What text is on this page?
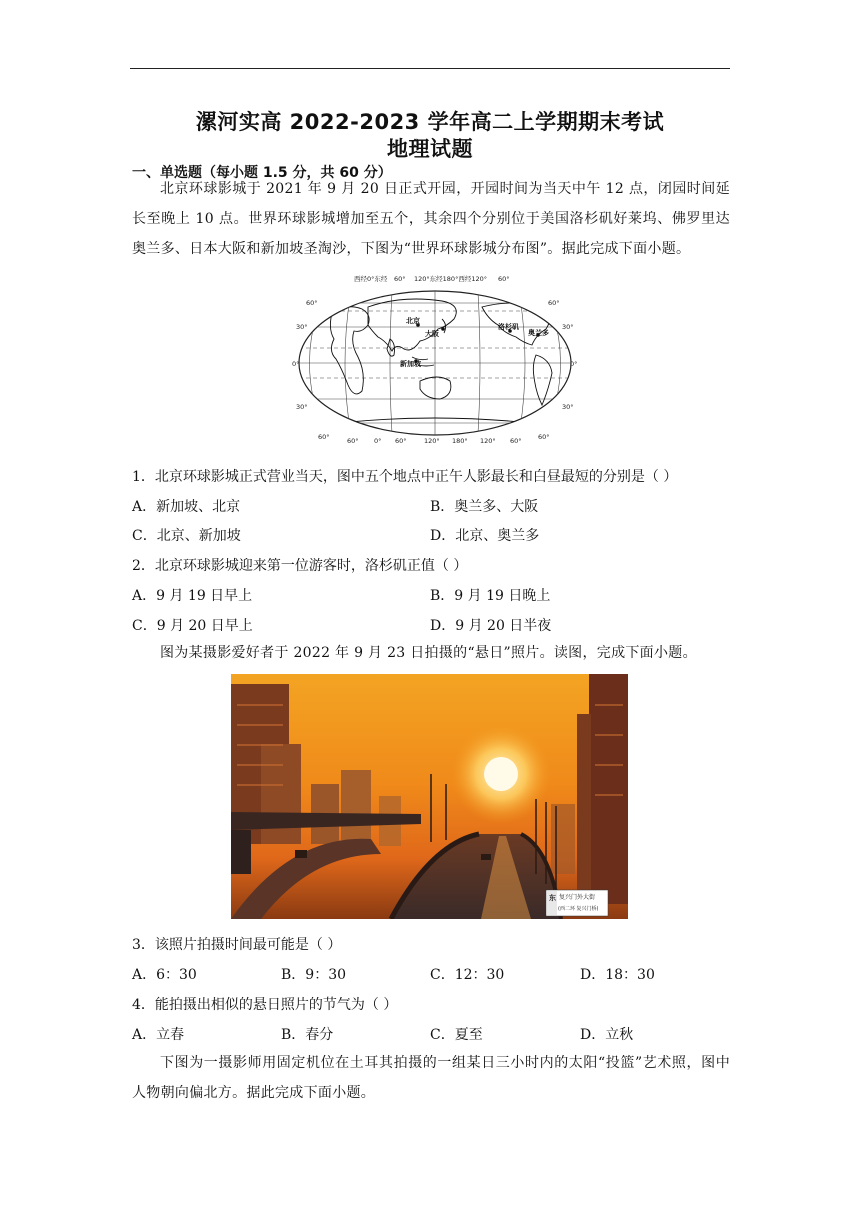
漯河实高 2022-2023 学年高二上学期期末考试
地理试题
一、单选题（每小题 1.5 分，共 60 分）
北京环球影城于 2021 年 9 月 20 日正式开园，开园时间为当天中午 12 点，闭园时间延长至晚上 10 点。世界环球影城增加至五个，其余四个分别位于美国洛杉矶好莱坞、佛罗里达奥兰多、日本大阪和新加坡圣淘沙，下图为“世界环球影城分布图”。据此完成下面小题。
西经0°东经 60° 120°东经180°西经120° 60°
60° 0° 60°	120° 180° 120° 60°
60°
30°
0°
30°
60°
60°
30°
0°
30°
60°
北京
大阪
新加坡
洛杉矶
奥兰多
1．北京环球影城正式营业当天，图中五个地点中正午人影最长和白昼最短的分别是（ ）
A．新加坡、北京	B．奥兰多、大阪
C．北京、新加坡	D．北京、奥兰多
2．北京环球影城迎来第一位游客时，洛杉矶正值（ ）
A．9 月 19 日早上	B．9 月 19 日晚上
C．9 月 20 日早上	D．9 月 20 日半夜
图为某摄影爱好者于 2022 年 9 月 23 日拍摄的“悬日”照片。读图，完成下面小题。
东 复兴门外大街
(西二环 复兴门桥)
3．该照片拍摄时间最可能是（ ）
A．6：30	B．9：30	C．12：30	D．18：30
4．能拍摄出相似的悬日照片的节气为（ ）
A．立春	B．春分	C．夏至	D．立秋
下图为一摄影师用固定机位在土耳其拍摄的一组某日三小时内的太阳“投篮”艺术照，图中人物朝向偏北方。据此完成下面小题。
